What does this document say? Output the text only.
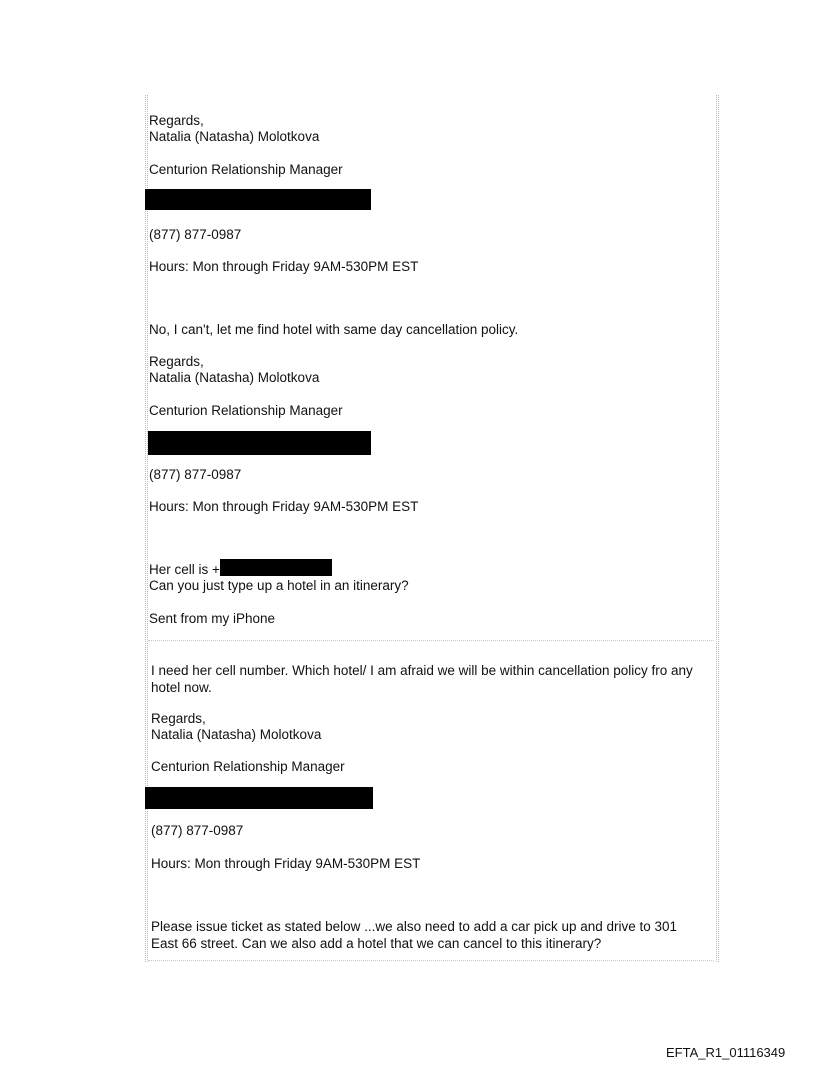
Regards,
Natalia (Natasha) Molotkova
Centurion Relationship Manager
(877) 877-0987
Hours: Mon through Friday 9AM-530PM EST
No, I can't, let me find hotel with same day cancellation policy.
Regards,
Natalia (Natasha) Molotkova
Centurion Relationship Manager
(877) 877-0987
Hours: Mon through Friday 9AM-530PM EST
Her cell is +
Can you just type up a hotel in an itinerary?
Sent from my iPhone
I need her cell number. Which hotel/ I am afraid we will be within cancellation policy fro any hotel now.
Regards,
Natalia (Natasha) Molotkova
Centurion Relationship Manager
(877) 877-0987
Hours: Mon through Friday 9AM-530PM EST
Please issue ticket as stated below ...we also need to add a car pick up and drive to 301 East 66 street. Can we also add a hotel that we can cancel to this itinerary?
EFTA_R1_01116349
